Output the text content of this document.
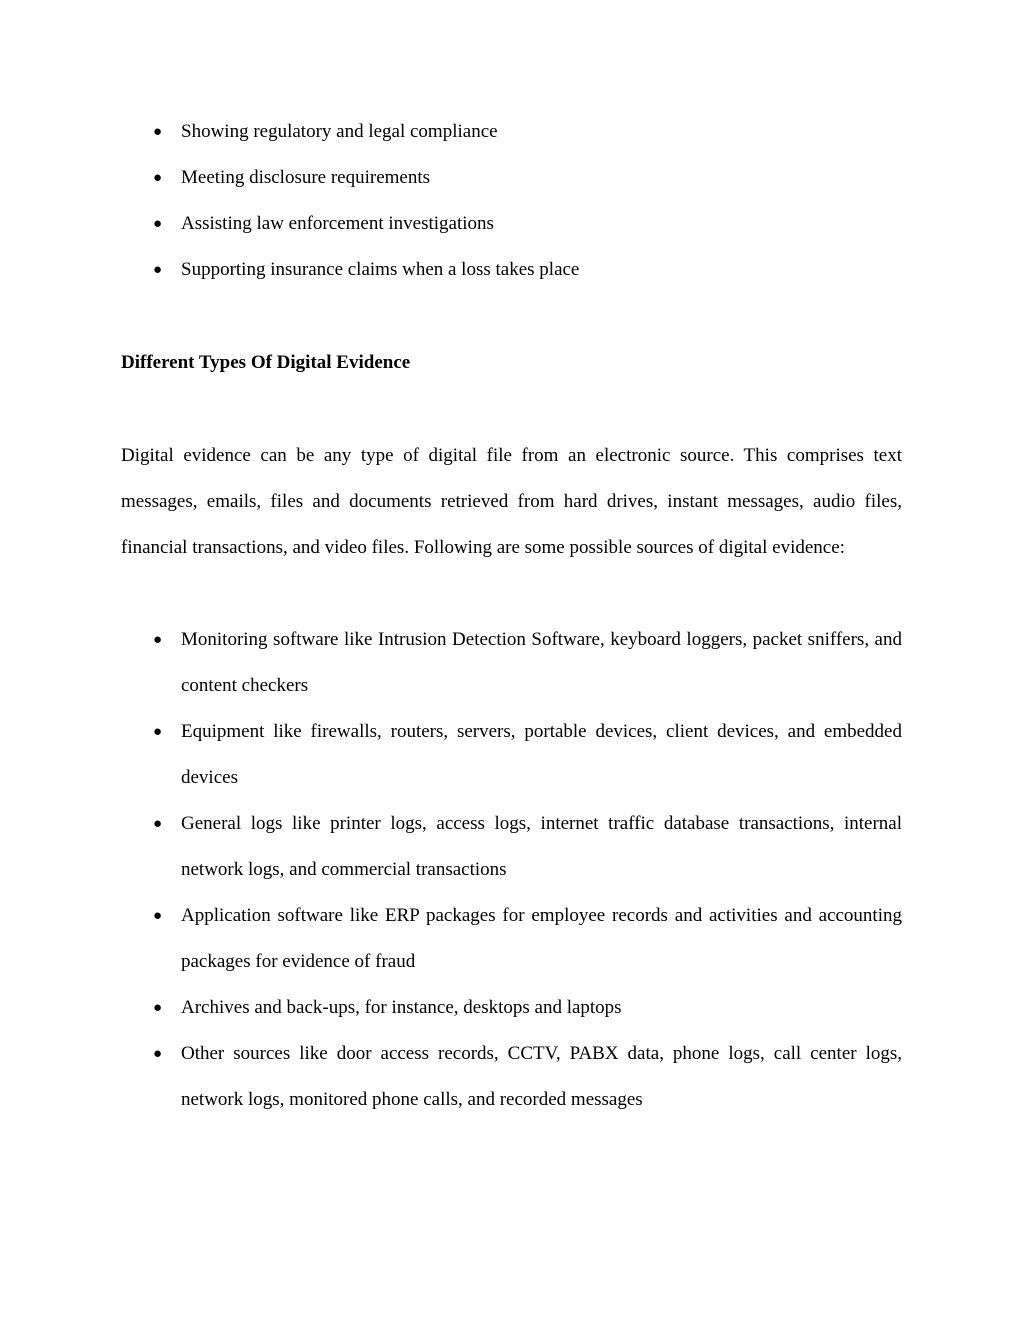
● Showing regulatory and legal compliance
● Meeting disclosure requirements
● Assisting law enforcement investigations
● Supporting insurance claims when a loss takes place
Different Types Of Digital Evidence

Digital evidence can be any type of digital file from an electronic source. This comprises text messages, emails, files and documents retrieved from hard drives, instant messages, audio files, financial transactions, and video files. Following are some possible sources of digital evidence:

● Monitoring software like Intrusion Detection Software, keyboard loggers, packet sniffers, and content checkers
● Equipment like firewalls, routers, servers, portable devices, client devices, and embedded devices
● General logs like printer logs, access logs, internet traffic database transactions, internal network logs, and commercial transactions
● Application software like ERP packages for employee records and activities and accounting packages for evidence of fraud
● Archives and back-ups, for instance, desktops and laptops
● Other sources like door access records, CCTV, PABX data, phone logs, call center logs, network logs, monitored phone calls, and recorded messages
